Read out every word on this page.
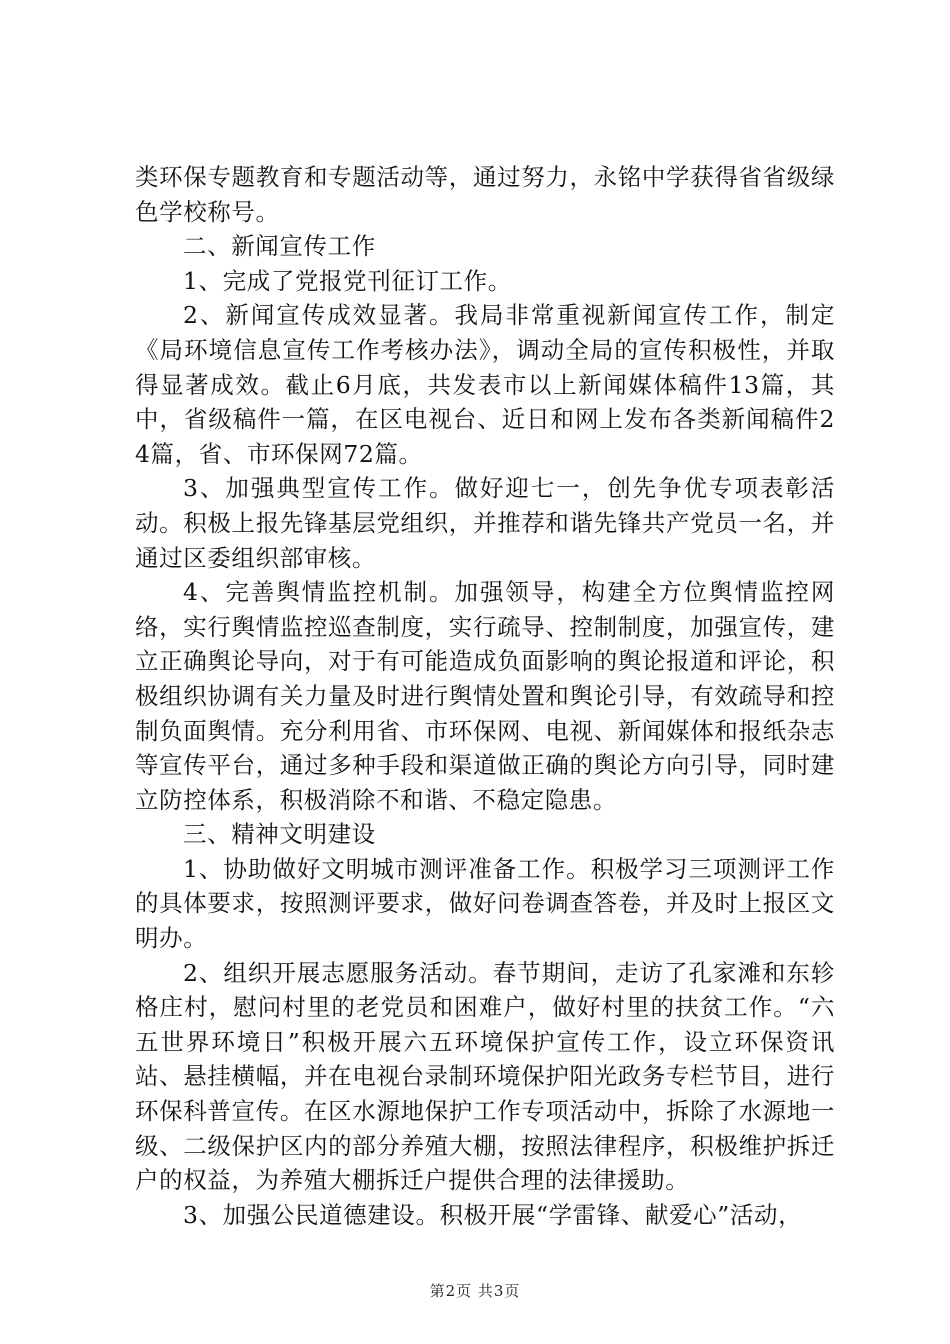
类环保专题教育和专题活动等，通过努力，永铭中学获得省省级绿色学校称号。

二、新闻宣传工作

1、完成了党报党刊征订工作。

2、新闻宣传成效显著。我局非常重视新闻宣传工作，制定《局环境信息宣传工作考核办法》，调动全局的宣传积极性，并取得显著成效。截止6月底，共发表市以上新闻媒体稿件13篇，其中，省级稿件一篇，在区电视台、近日和网上发布各类新闻稿件24篇，省、市环保网72篇。

3、加强典型宣传工作。做好迎七一，创先争优专项表彰活动。积极上报先锋基层党组织，并推荐和谐先锋共产党员一名，并通过区委组织部审核。

4、完善舆情监控机制。加强领导，构建全方位舆情监控网络，实行舆情监控巡查制度，实行疏导、控制制度，加强宣传，建立正确舆论导向，对于有可能造成负面影响的舆论报道和评论，积极组织协调有关力量及时进行舆情处置和舆论引导，有效疏导和控制负面舆情。充分利用省、市环保网、电视、新闻媒体和报纸杂志等宣传平台，通过多种手段和渠道做正确的舆论方向引导，同时建立防控体系，积极消除不和谐、不稳定隐患。

三、精神文明建设

1、协助做好文明城市测评准备工作。积极学习三项测评工作的具体要求，按照测评要求，做好问卷调查答卷，并及时上报区文明办。

2、组织开展志愿服务活动。春节期间，走访了孔家滩和东轸格庄村，慰问村里的老党员和困难户，做好村里的扶贫工作。“六五世界环境日”积极开展六五环境保护宣传工作，设立环保资讯站、悬挂横幅，并在电视台录制环境保护阳光政务专栏节目，进行环保科普宣传。在区水源地保护工作专项活动中，拆除了水源地一级、二级保护区内的部分养殖大棚，按照法律程序，积极维护拆迁户的权益，为养殖大棚拆迁户提供合理的法律援助。

3、加强公民道德建设。积极开展“学雷锋、献爱心”活动，

第2页 共3页
